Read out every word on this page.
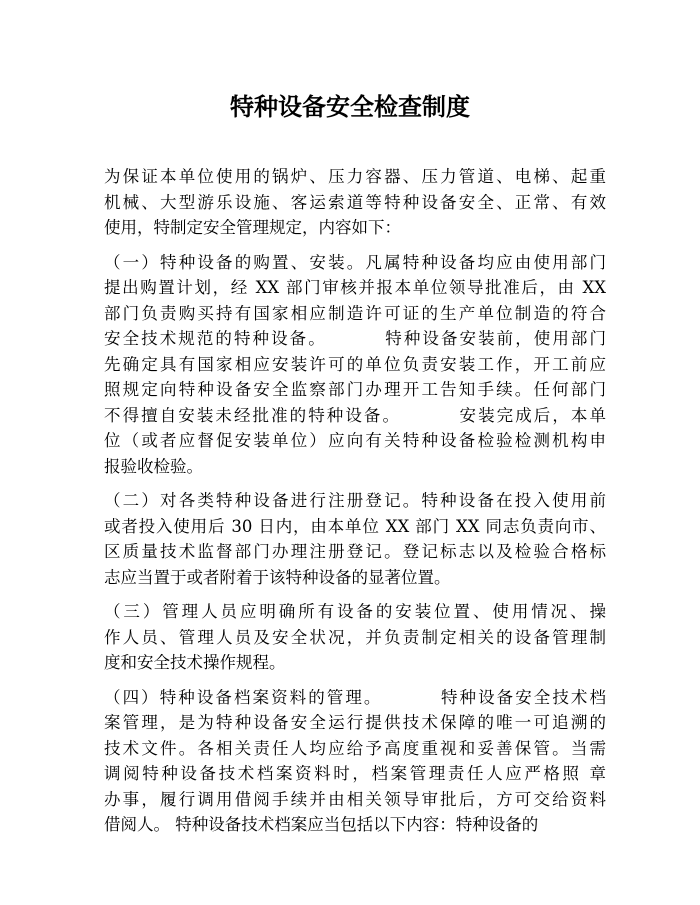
特种设备安全检查制度
为保证本单位使用的锅炉、压力容器、压力管道、电梯、起重
机械、大型游乐设施、客运索道等特种设备安全、正常、有效
使用，特制定安全管理规定，内容如下：
（一）特种设备的购置、安装。凡属特种设备均应由使用部门
提出购置计划，经 XX 部门审核并报本单位领导批准后，由 XX
部门负责购买持有国家相应制造许可证的生产单位制造的符合
安全技术规范的特种设备。        特种设备安装前，使用部门
先确定具有国家相应安装许可的单位负责安装工作，开工前应
照规定向特种设备安全监察部门办理开工告知手续。任何部门
不得擅自安装未经批准的特种设备。        安装完成后，本单
位（或者应督促安装单位）应向有关特种设备检验检测机构申
报验收检验。
（二）对各类特种设备进行注册登记。特种设备在投入使用前
或者投入使用后 30 日内，由本单位 XX 部门 XX 同志负责向市、
区质量技术监督部门办理注册登记。登记标志以及检验合格标
志应当置于或者附着于该特种设备的显著位置。
（三）管理人员应明确所有设备的安装位置、使用情况、操
作人员、管理人员及安全状况，并负责制定相关的设备管理制
度和安全技术操作规程。
（四）特种设备档案资料的管理。        特种设备安全技术档
案管理，是为特种设备安全运行提供技术保障的唯一可追溯的
技术文件。各相关责任人均应给予高度重视和妥善保管。当需
调阅特种设备技术档案资料时，档案管理责任人应严格照 章
办事，履行调用借阅手续并由相关领导审批后，方可交给资料
借阅人。 特种设备技术档案应当包括以下内容：特种设备的
